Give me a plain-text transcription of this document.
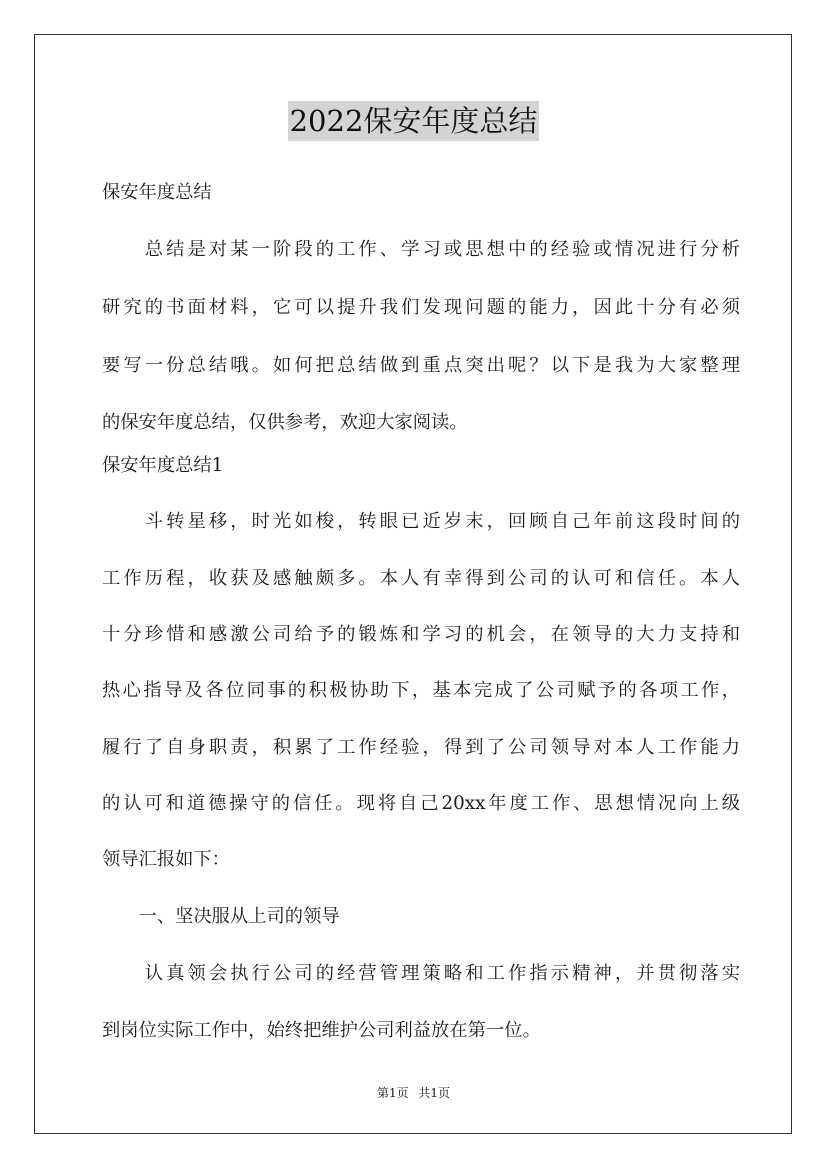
2022保安年度总结
保安年度总结
　　总结是对某一阶段的工作、学习或思想中的经验或情况进行分析
研究的书面材料，它可以提升我们发现问题的能力，因此十分有必须
要写一份总结哦。如何把总结做到重点突出呢？以下是我为大家整理
的保安年度总结，仅供参考，欢迎大家阅读。
保安年度总结1
　　斗转星移，时光如梭，转眼已近岁末，回顾自己年前这段时间的
工作历程，收获及感触颇多。本人有幸得到公司的认可和信任。本人
十分珍惜和感激公司给予的锻炼和学习的机会，在领导的大力支持和
热心指导及各位同事的积极协助下，基本完成了公司赋予的各项工作，
履行了自身职责，积累了工作经验，得到了公司领导对本人工作能力
的认可和道德操守的信任。现将自己20xx年度工作、思想情况向上级
领导汇报如下：
　　一、坚决服从上司的领导
　　认真领会执行公司的经营管理策略和工作指示精神，并贯彻落实
到岗位实际工作中，始终把维护公司利益放在第一位。
第1页 共1页
